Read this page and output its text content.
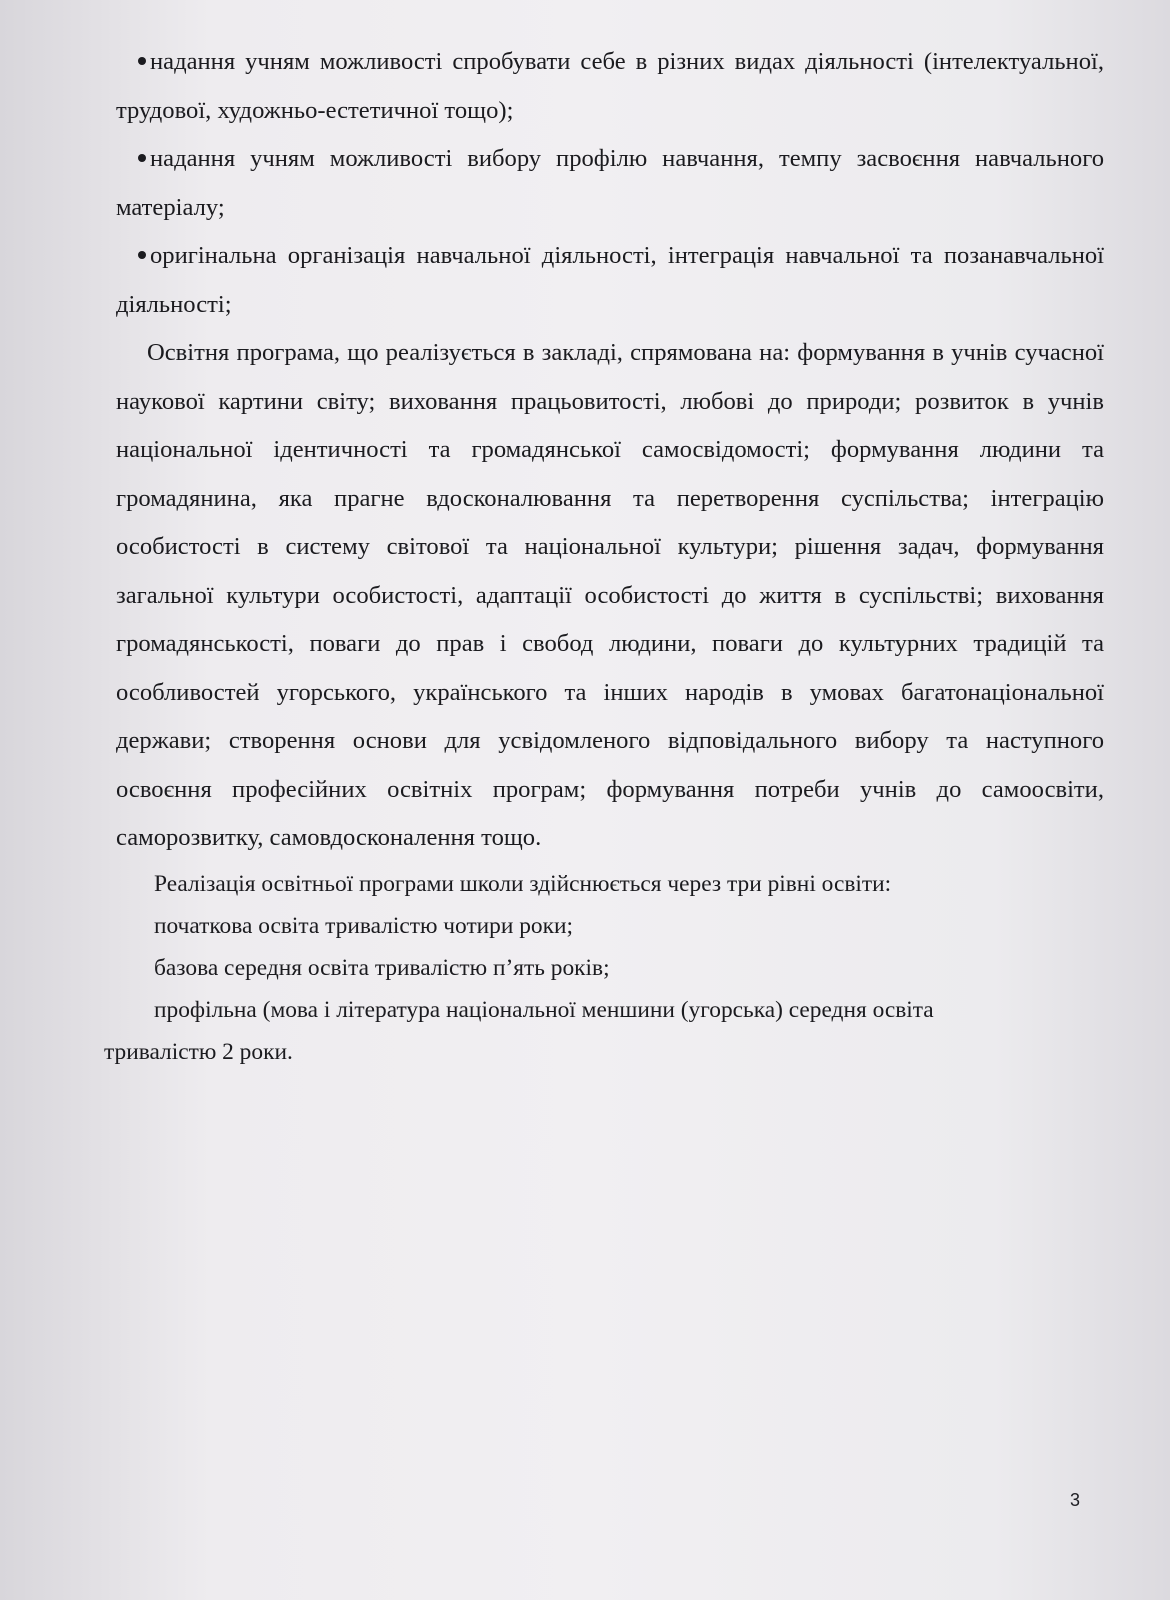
надання учням можливості спробувати себе в різних видах діяльності (інтелектуальної, трудової, художньо-естетичної тощо);

надання учням можливості вибору профілю навчання, темпу засвоєння навчального матеріалу;

оригінальна організація навчальної діяльності, інтеграція навчальної та позанавчальної діяльності;

Освітня програма, що реалізується в закладі, спрямована на: формування в учнів сучасної наукової картини світу; виховання працьовитості, любові до природи; розвиток в учнів національної ідентичності та громадянської самосвідомості; формування людини та громадянина, яка прагне вдосконалювання та перетворення суспільства; інтеграцію особистості в систему світової та національної культури; рішення задач, формування загальної культури особистості, адаптації особистості до життя в суспільстві; виховання громадянськості, поваги до прав і свобод людини, поваги до культурних традицій та особливостей угорського, українського та інших народів в умовах багатонаціональної держави; створення основи для усвідомленого відповідального вибору та наступного освоєння професійних освітніх програм; формування потреби учнів до самоосвіти, саморозвитку, самовдосконалення тощо.

Реалізація освітньої програми школи здійснюється через три рівні освіти:

початкова освіта тривалістю чотири роки;

базова середня освіта тривалістю п’ять років;

профільна (мова і література національної меншини (угорська) середня освіта
тривалістю 2 роки.

3
